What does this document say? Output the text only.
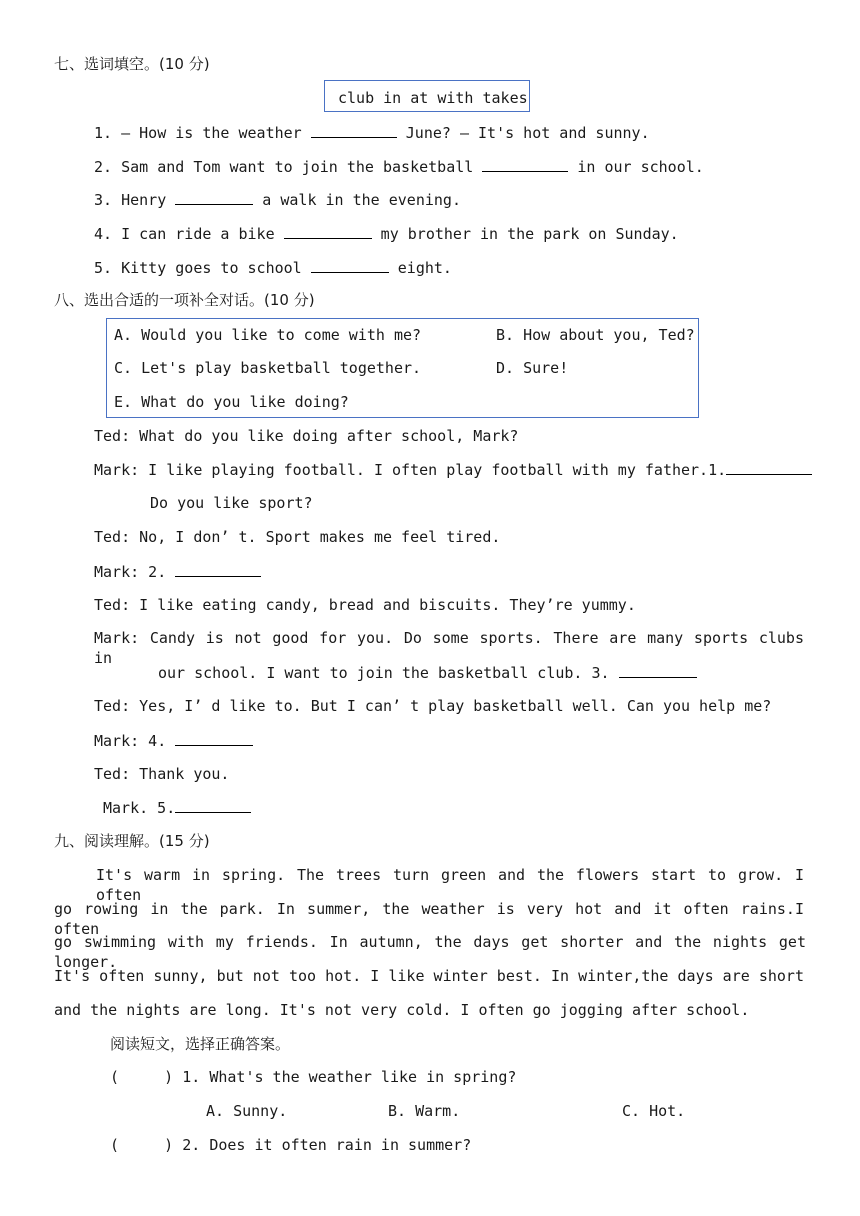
七、选词填空。(10 分)
club in at with takes
1. — How is the weather	June? — It's hot and sunny.
2. Sam and Tom want to join the basketball	in our school.
3. Henry	a walk in the evening.
4. I can ride a bike	my brother in the park on Sunday.
5. Kitty goes to school	eight.
八、选出合适的一项补全对话。(10 分)
A. Would you like to come with me?	B. How about you, Ted?
C. Let's play basketball together.	D. Sure!
E. What do you like doing?
Ted: What do you like doing after school, Mark?
Mark: I like playing football. I often play football with my father.1.
Do you like sport?
Ted: No, I don’ t. Sport makes me feel tired.
Mark: 2.
Ted: I like eating candy, bread and biscuits. They’re yummy.
Mark: Candy is not good for you. Do some sports. There are many sports clubs in
our school. I want to join the basketball club. 3.
Ted: Yes, I’ d like to. But I can’ t play basketball well. Can you help me?
Mark: 4.
Ted: Thank you.
Mark. 5.
九、阅读理解。(15 分)
It's warm in spring. The trees turn green and the flowers start to grow. I often
go rowing in the park. In summer, the weather is very hot and it often rains.I often
go swimming with my friends. In autumn, the days get shorter and the nights get longer.
It's often sunny, but not too hot. I like winter best. In winter,the days are short
and the nights are long. It's not very cold. I often go jogging after school.
阅读短文，选择正确答案。
(     ) 1. What's the weather like in spring?
A. Sunny.	B. Warm.	C. Hot.
(     ) 2. Does it often rain in summer?
